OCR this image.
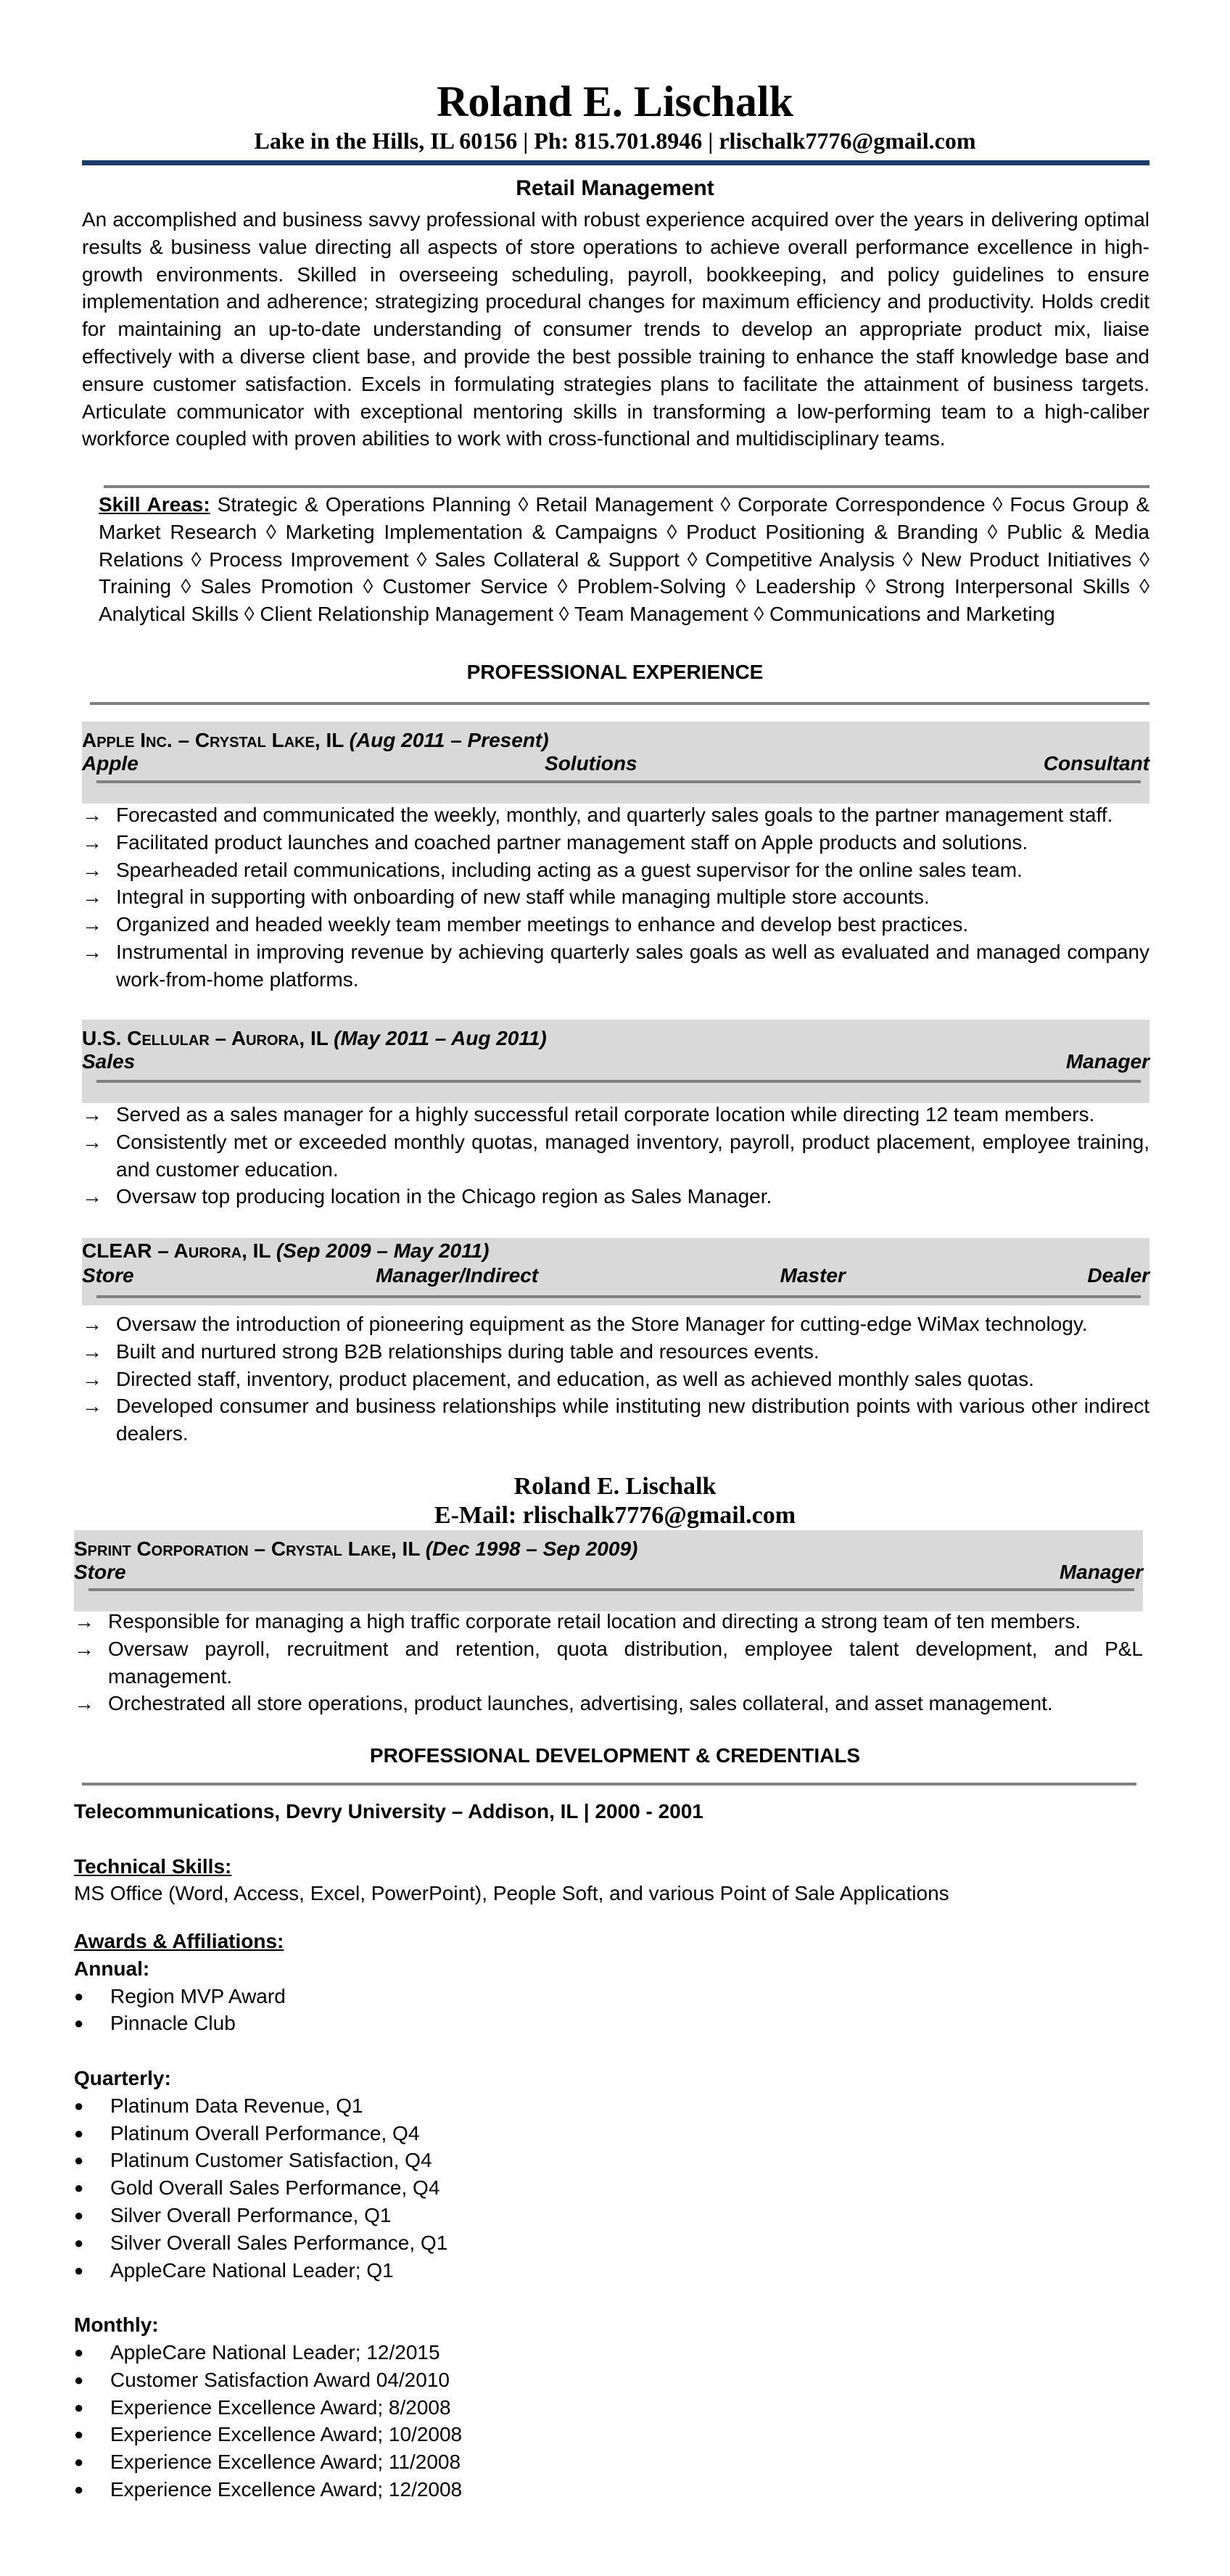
Roland E. Lischalk
Lake in the Hills, IL 60156 | Ph: 815.701.8946 | rlischalk7776@gmail.com
Retail Management
An accomplished and business savvy professional with robust experience acquired over the years in delivering optimal results & business value directing all aspects of store operations to achieve overall performance excellence in high-growth environments. Skilled in overseeing scheduling, payroll, bookkeeping, and policy guidelines to ensure implementation and adherence; strategizing procedural changes for maximum efficiency and productivity. Holds credit for maintaining an up-to-date understanding of consumer trends to develop an appropriate product mix, liaise effectively with a diverse client base, and provide the best possible training to enhance the staff knowledge base and ensure customer satisfaction. Excels in formulating strategies plans to facilitate the attainment of business targets. Articulate communicator with exceptional mentoring skills in transforming a low-performing team to a high-caliber workforce coupled with proven abilities to work with cross-functional and multidisciplinary teams.
Skill Areas: Strategic & Operations Planning ◊ Retail Management ◊ Corporate Correspondence ◊ Focus Group & Market Research ◊ Marketing Implementation & Campaigns ◊ Product Positioning & Branding ◊ Public & Media Relations ◊ Process Improvement ◊ Sales Collateral & Support ◊ Competitive Analysis ◊ New Product Initiatives ◊ Training ◊ Sales Promotion ◊ Customer Service ◊ Problem-Solving ◊ Leadership ◊ Strong Interpersonal Skills ◊ Analytical Skills ◊ Client Relationship Management ◊ Team Management ◊ Communications and Marketing
PROFESSIONAL EXPERIENCE
Apple Inc. – Crystal Lake, IL (Aug 2011 – Present)
Apple Solutions Consultant
→ Forecasted and communicated the weekly, monthly, and quarterly sales goals to the partner management staff.
→ Facilitated product launches and coached partner management staff on Apple products and solutions.
→ Spearheaded retail communications, including acting as a guest supervisor for the online sales team.
→ Integral in supporting with onboarding of new staff while managing multiple store accounts.
→ Organized and headed weekly team member meetings to enhance and develop best practices.
→ Instrumental in improving revenue by achieving quarterly sales goals as well as evaluated and managed company work-from-home platforms.
U.S. Cellular – Aurora, IL (May 2011 – Aug 2011)
Sales Manager
→ Served as a sales manager for a highly successful retail corporate location while directing 12 team members.
→ Consistently met or exceeded monthly quotas, managed inventory, payroll, product placement, employee training, and customer education.
→ Oversaw top producing location in the Chicago region as Sales Manager.
CLEAR – Aurora, IL (Sep 2009 – May 2011)
Store Manager/Indirect Master Dealer
→ Oversaw the introduction of pioneering equipment as the Store Manager for cutting-edge WiMax technology.
→ Built and nurtured strong B2B relationships during table and resources events.
→ Directed staff, inventory, product placement, and education, as well as achieved monthly sales quotas.
→ Developed consumer and business relationships while instituting new distribution points with various other indirect dealers.
Roland E. Lischalk
E-Mail: rlischalk7776@gmail.com
Sprint Corporation – Crystal Lake, IL (Dec 1998 – Sep 2009)
Store Manager
→ Responsible for managing a high traffic corporate retail location and directing a strong team of ten members.
→ Oversaw payroll, recruitment and retention, quota distribution, employee talent development, and P&L management.
→ Orchestrated all store operations, product launches, advertising, sales collateral, and asset management.
PROFESSIONAL DEVELOPMENT & CREDENTIALS
Telecommunications, Devry University – Addison, IL | 2000 - 2001
Technical Skills:
MS Office (Word, Access, Excel, PowerPoint), People Soft, and various Point of Sale Applications
Awards & Affiliations:
Annual:
● Region MVP Award
● Pinnacle Club
Quarterly:
● Platinum Data Revenue, Q1
● Platinum Overall Performance, Q4
● Platinum Customer Satisfaction, Q4
● Gold Overall Sales Performance, Q4
● Silver Overall Performance, Q1
● Silver Overall Sales Performance, Q1
● AppleCare National Leader; Q1
Monthly:
● AppleCare National Leader; 12/2015
● Customer Satisfaction Award 04/2010
● Experience Excellence Award; 8/2008
● Experience Excellence Award; 10/2008
● Experience Excellence Award; 11/2008
● Experience Excellence Award; 12/2008
